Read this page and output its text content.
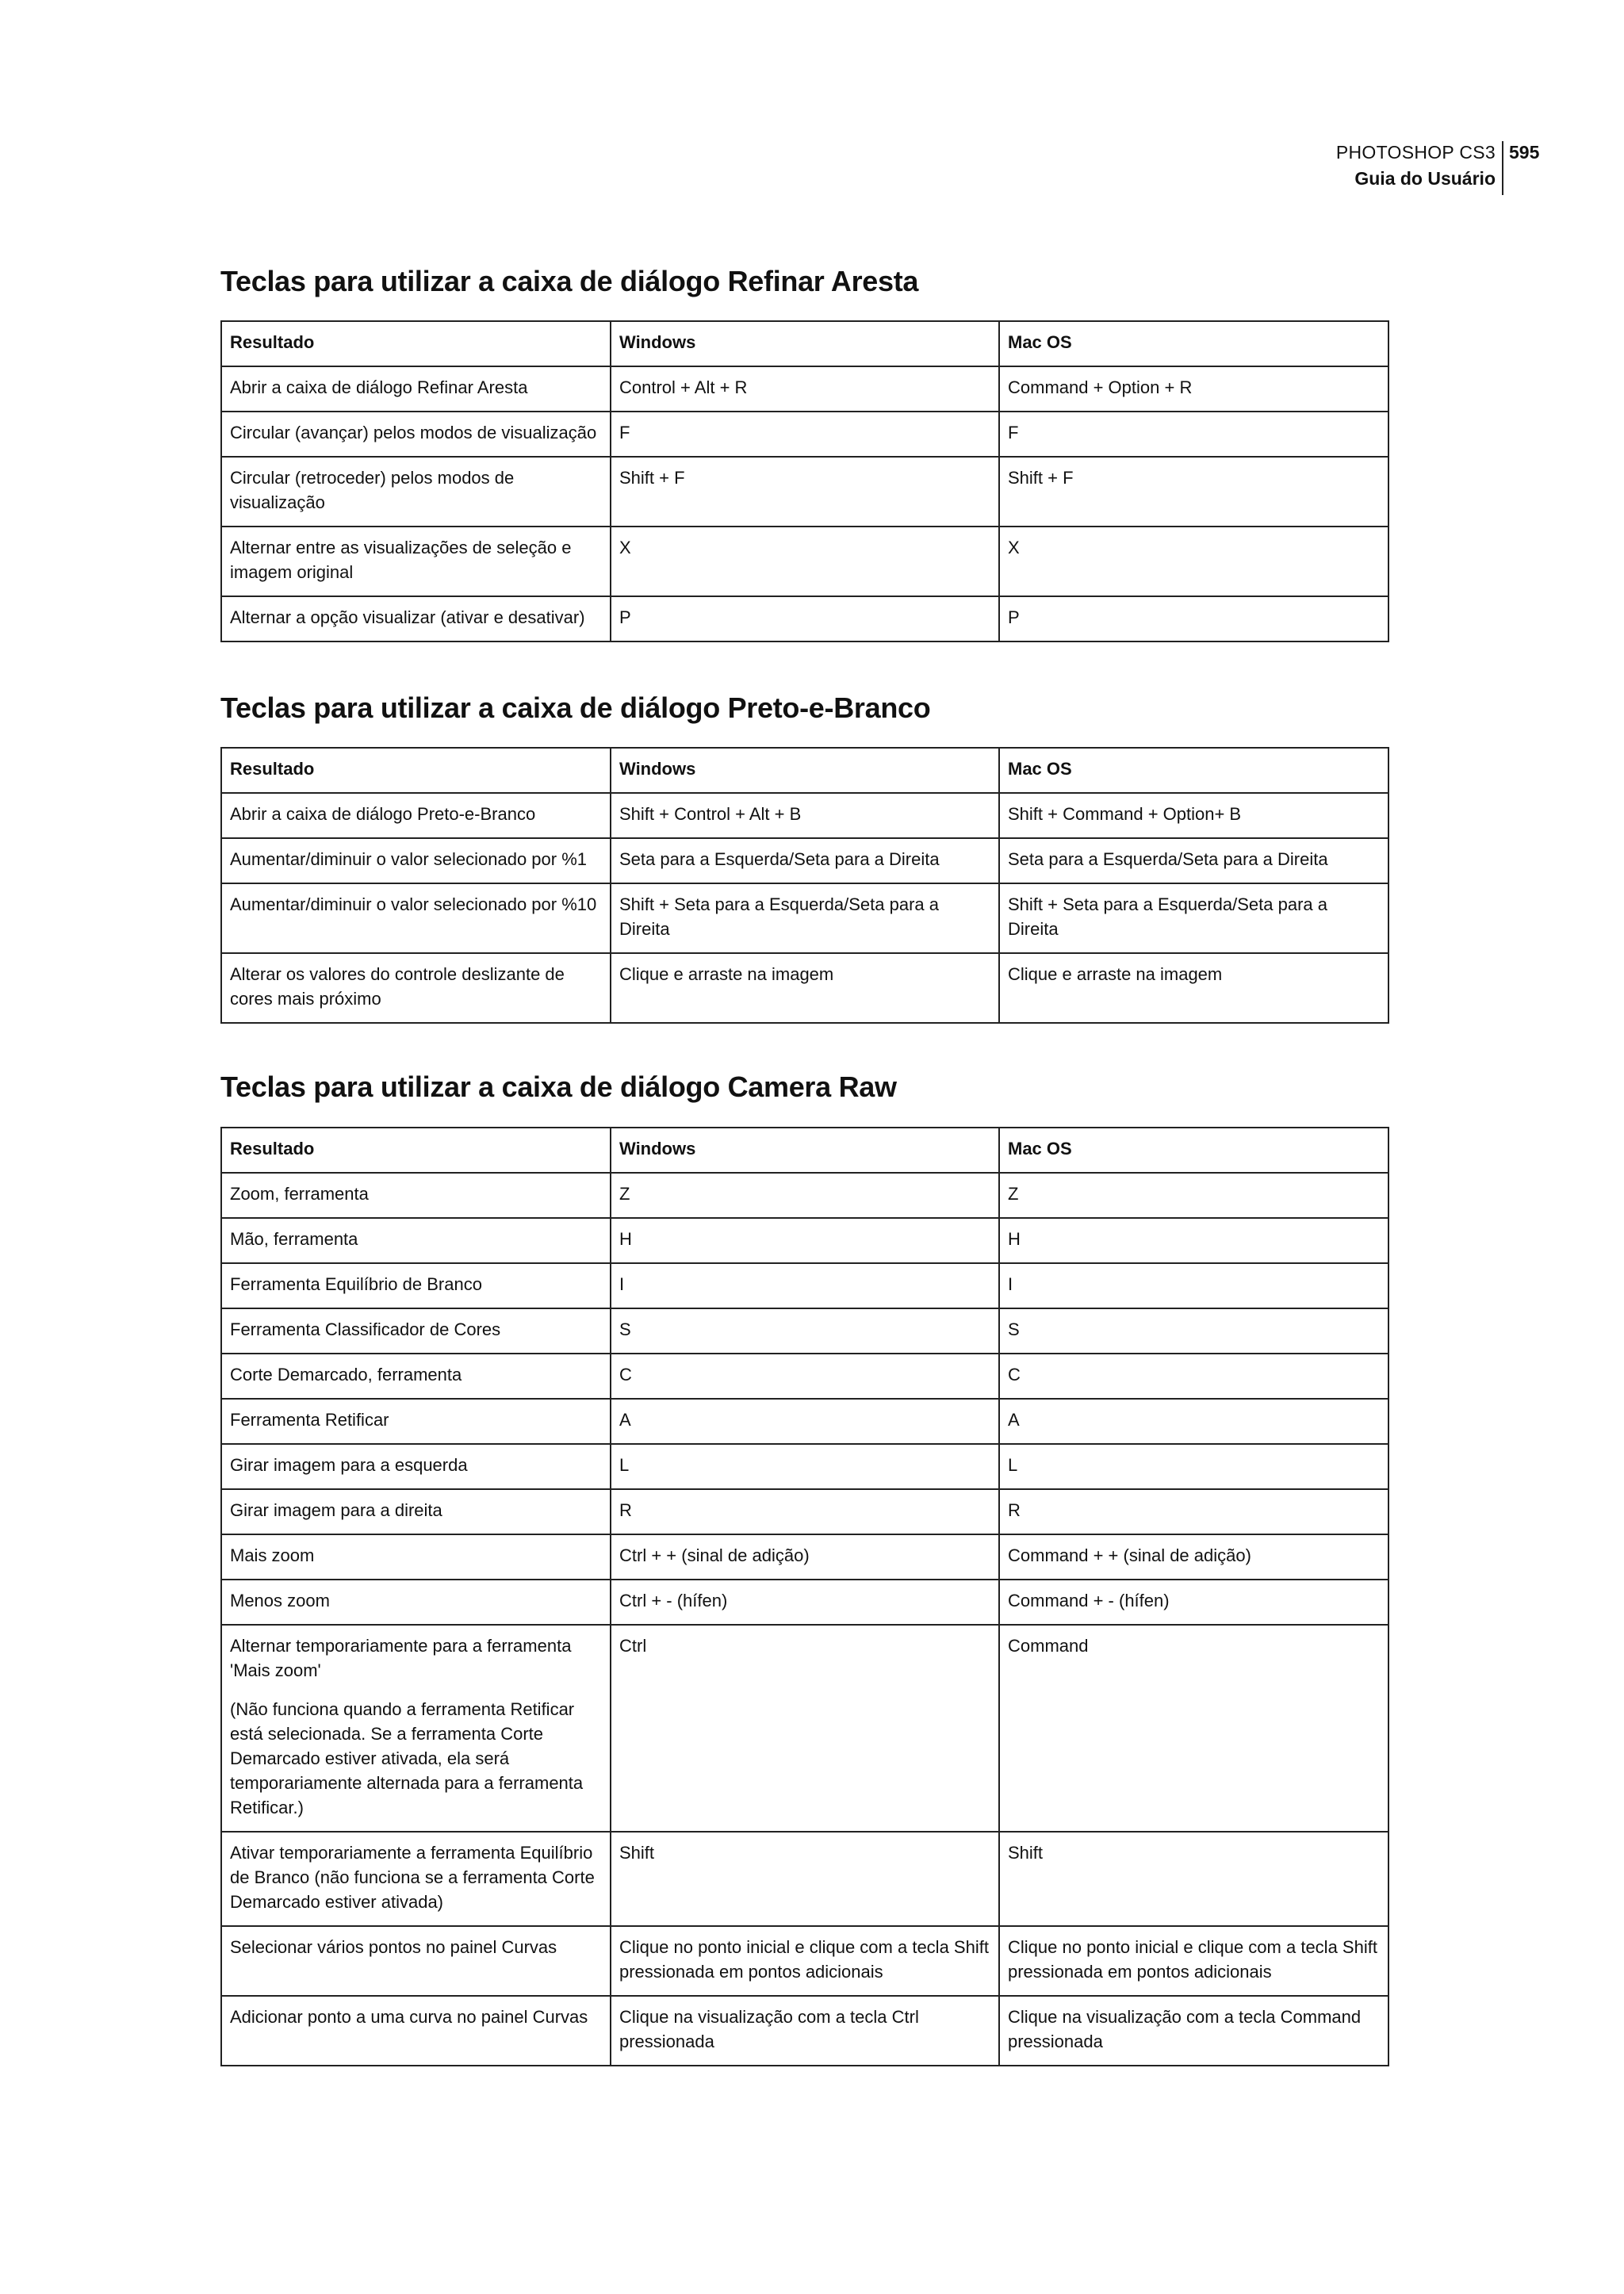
PHOTOSHOP CS3
Guia do Usuário
595
Teclas para utilizar a caixa de diálogo Refinar Aresta
Resultado	Windows	Mac OS

Abrir a caixa de diálogo Refinar Aresta	Control + Alt + R	Command + Option + R

Circular (avançar) pelos modos de visualização	F	F

Circular (retroceder) pelos modos de visualização	Shift + F	Shift + F

Alternar entre as visualizações de seleção e imagem original	X	X

Alternar a opção visualizar (ativar e desativar)	P	P
Teclas para utilizar a caixa de diálogo Preto-e-Branco
Resultado	Windows	Mac OS

Abrir a caixa de diálogo Preto-e-Branco	Shift + Control + Alt + B	Shift + Command + Option+ B

Aumentar/diminuir o valor selecionado por %1	Seta para a Esquerda/Seta para a Direita	Seta para a Esquerda/Seta para a Direita

Aumentar/diminuir o valor selecionado por %10	Shift + Seta para a Esquerda/Seta para a Direita	Shift + Seta para a Esquerda/Seta para a Direita

Alterar os valores do controle deslizante de cores mais próximo	Clique e arraste na imagem	Clique e arraste na imagem
Teclas para utilizar a caixa de diálogo Camera Raw
Resultado	Windows	Mac OS

Zoom, ferramenta	Z	Z

Mão, ferramenta	H	H

Ferramenta Equilíbrio de Branco	I	I

Ferramenta Classificador de Cores	S	S

Corte Demarcado, ferramenta	C	C

Ferramenta Retificar	A	A

Girar imagem para a esquerda	L	L

Girar imagem para a direita	R	R

Mais zoom	Ctrl + + (sinal de adição)	Command + + (sinal de adição)

Menos zoom	Ctrl + - (hífen)	Command + - (hífen)

Alternar temporariamente para a ferramenta 'Mais zoom'
(Não funciona quando a ferramenta Retificar está selecionada. Se a ferramenta Corte Demarcado estiver ativada, ela será temporariamente alternada para a ferramenta Retificar.)	Ctrl	Command

Ativar temporariamente a ferramenta Equilíbrio de Branco (não funciona se a ferramenta Corte Demarcado estiver ativada)	Shift	Shift

Selecionar vários pontos no painel Curvas	Clique no ponto inicial e clique com a tecla Shift pressionada em pontos adicionais	Clique no ponto inicial e clique com a tecla Shift pressionada em pontos adicionais

Adicionar ponto a uma curva no painel Curvas	Clique na visualização com a tecla Ctrl pressionada	Clique na visualização com a tecla Command pressionada
